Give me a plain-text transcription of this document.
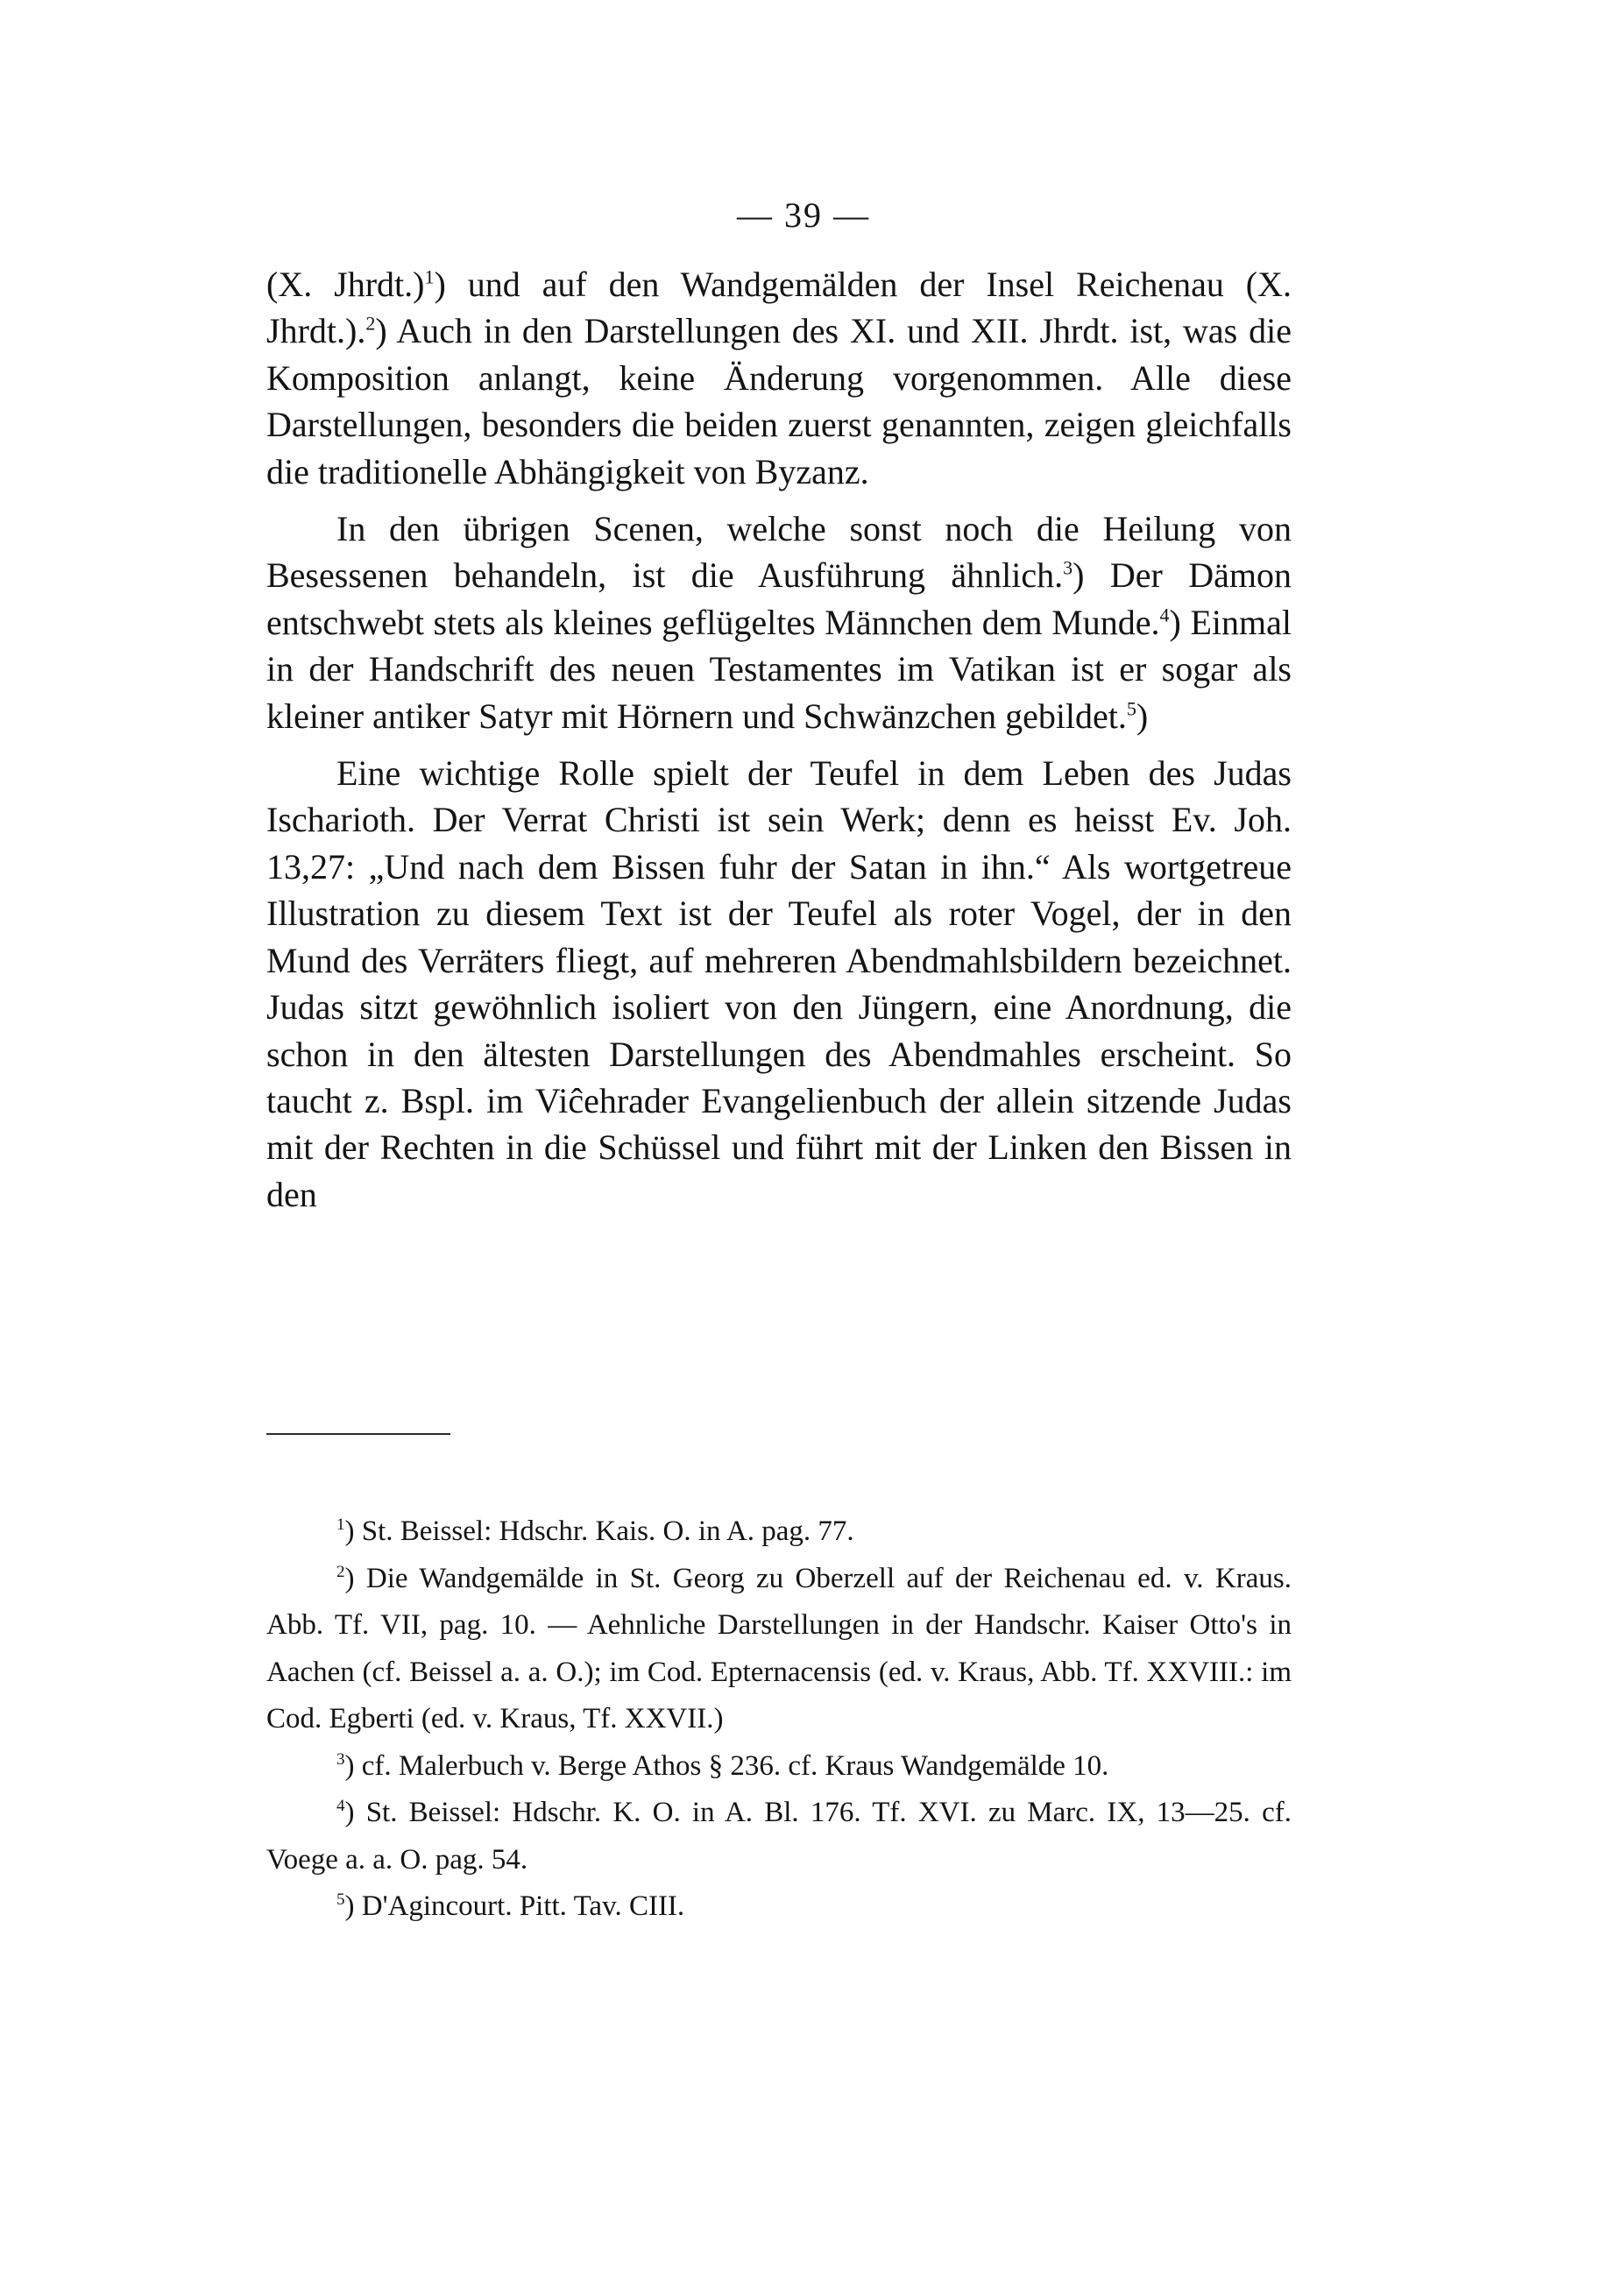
— 39 —

(X. Jhrdt.)$^1$) und auf den Wandgemälden der Insel Reichenau (X. Jhrdt.).$^2$) Auch in den Darstellungen des XI. und XII. Jhrdt. ist, was die Komposition anlangt, keine Änderung vorgenommen. Alle diese Darstellungen, besonders die beiden zuerst genannten, zeigen gleichfalls die traditionelle Abhängigkeit von Byzanz.

In den übrigen Scenen, welche sonst noch die Heilung von Besessenen behandeln, ist die Ausführung ähnlich.$^3$) Der Dämon entschwebt stets als kleines geflügeltes Männchen dem Munde.$^4$) Einmal in der Handschrift des neuen Testamentes im Vatikan ist er sogar als kleiner antiker Satyr mit Hörnern und Schwänzchen gebildet.$^5$)

Eine wichtige Rolle spielt der Teufel in dem Leben des Judas Ischarioth. Der Verrat Christi ist sein Werk; denn es heisst Ev. Joh. 13,27: „Und nach dem Bissen fuhr der Satan in ihn.“ Als wortgetreue Illustration zu diesem Text ist der Teufel als roter Vogel, der in den Mund des Verräters fliegt, auf mehreren Abendmahlsbildern bezeichnet. Judas sitzt gewöhnlich isoliert von den Jüngern, eine Anordnung, die schon in den ältesten Darstellungen des Abendmahles erscheint. So taucht z. Bspl. im Viĉehrader Evangelienbuch der allein sitzende Judas mit der Rechten in die Schüssel und führt mit der Linken den Bissen in den

$^1$) St. Beissel: Hdschr. Kais. O. in A. pag. 77.

$^2$) Die Wandgemälde in St. Georg zu Oberzell auf der Reichenau ed. v. Kraus. Abb. Tf. VII, pag. 10. — Aehnliche Darstellungen in der Handschr. Kaiser Otto's in Aachen (cf. Beissel a. a. O.); im Cod. Epternacensis (ed. v. Kraus, Abb. Tf. XXVIII.: im Cod. Egberti (ed. v. Kraus, Tf. XXVII.)

$^3$) cf. Malerbuch v. Berge Athos § 236. cf. Kraus Wandgemälde 10.

$^4$) St. Beissel: Hdschr. K. O. in A. Bl. 176. Tf. XVI. zu Marc. IX, 13—25. cf. Voege a. a. O. pag. 54.

$^5$) D'Agincourt. Pitt. Tav. CIII.
